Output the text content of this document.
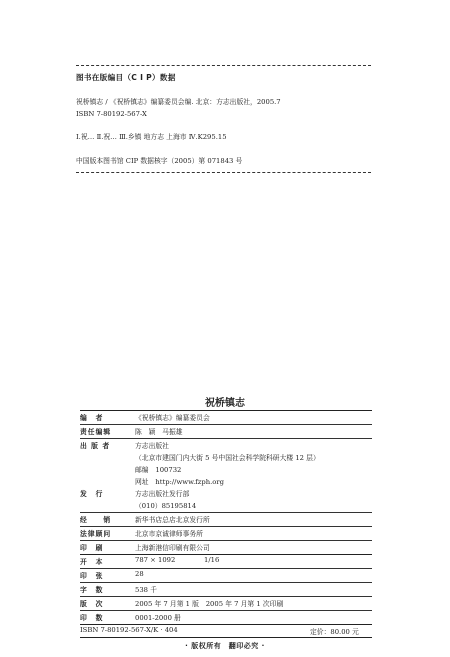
图书在版编目（C I P）数据
祝桥镇志 / 《祝桥镇志》编纂委员会编. 北京：方志出版社，2005.7
ISBN 7-80192-567-X
Ⅰ.祝… Ⅱ.祝… Ⅲ.乡镇 地方志 上海市 Ⅳ.K295.15
中国版本图书馆 CIP 数据核字（2005）第 071843 号
祝桥镇志
编　者	《祝桥镇志》编纂委员会
责任编辑	陈　颖　马振雄
出 版 者	方志出版社
（北京市建国门内大街 5 号中国社会科学院科研大楼 12 层）
邮编　100732
网址　http://www.fzph.org
发　行	方志出版社发行部
（010）85195814
经　　销	新华书店总店北京发行所
法律顾问	北京市京诚律师事务所
印　刷	上海新港信印刷有限公司
开　本	787 × 1092	1/16
印　张	28
字　数	538 千
版　次	2005 年 7 月第 1 版　2005 年 7 月第 1 次印刷
印　数	0001-2000 册
ISBN 7-80192-567-X/K · 404	定价：80.00 元
· 版权所有　翻印必究 ·
